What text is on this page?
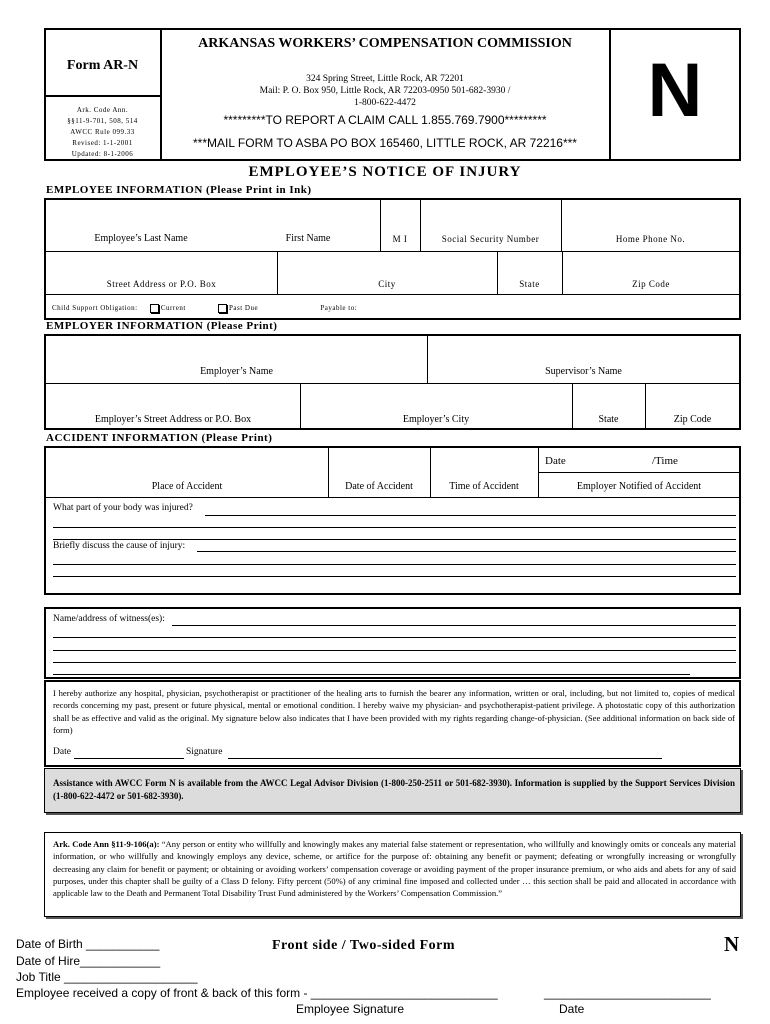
Form AR-N
Ark. Code Ann.
§§11-9-701, 508, 514
AWCC Rule 099.33
Revised: 1-1-2001
Updated: 8-1-2006
ARKANSAS WORKERS’ COMPENSATION COMMISSION
324 Spring Street, Little Rock, AR 72201
Mail: P. O. Box 950, Little Rock, AR 72203-0950 501-682-3930 /
1-800-622-4472
*********TO REPORT A CLAIM CALL 1.855.769.7900*********
***MAIL FORM TO ASBA PO BOX 165460, LITTLE ROCK, AR 72216***
N
EMPLOYEE’S NOTICE OF INJURY
EMPLOYEE INFORMATION (Please Print in Ink)
Employee’s Last Name	First Name	M I	Social Security Number	Home Phone No.
Street Address or P.O. Box	City	State	Zip Code
Child Support Obligation:	Current	Past Due	Payable to:
EMPLOYER INFORMATION (Please Print)
Employer’s Name	Supervisor’s Name
Employer’s Street Address or P.O. Box	Employer’s City	State	Zip Code
ACCIDENT INFORMATION (Please Print)
Date	/Time
Place of Accident	Date of Accident	Time of Accident	Employer Notified of Accident
What part of your body was injured?
Briefly discuss the cause of injury:
Name/address of witness(es):
I hereby authorize any hospital, physician, psychotherapist or practitioner of the healing arts to furnish the bearer any information, written or oral, including, but not limited to, copies of medical records concerning my past, present or future physical, mental or emotional condition. I hereby waive my physician- and psychotherapist-patient privilege. A photostatic copy of this authorization shall be as effective and valid as the original. My signature below also indicates that I have been provided with my rights regarding change-of-physician. (See additional information on back side of form)
Date	Signature
Assistance with AWCC Form N is available from the AWCC Legal Advisor Division (1-800-250-2511 or 501-682-3930). Information is supplied by the Support Services Division (1-800-622-4472 or 501-682-3930).
Ark. Code Ann §11-9-106(a): “Any person or entity who willfully and knowingly makes any material false statement or representation, who willfully and knowingly omits or conceals any material information, or who willfully and knowingly employs any device, scheme, or artifice for the purpose of: obtaining any benefit or payment; defeating or wrongfully increasing or wrongfully decreasing any claim for benefit or payment; or obtaining or avoiding workers’ compensation coverage or avoiding payment of the proper insurance premium, or who aids and abets for any of said purposes, under this chapter shall be guilty of a Class D felony. Fifty percent (50%) of any criminal fine imposed and collected under … this section shall be paid and allocated in accordance with applicable law to the Death and Permanent Total Disability Trust Fund administered by the Workers’ Compensation Commission.”
Date of Birth ___________
Date of Hire____________
Job Title ____________________
Employee received a copy of front & back of this form - ____________________________	_________________________
Front side / Two-sided Form	N
Employee Signature	Date
